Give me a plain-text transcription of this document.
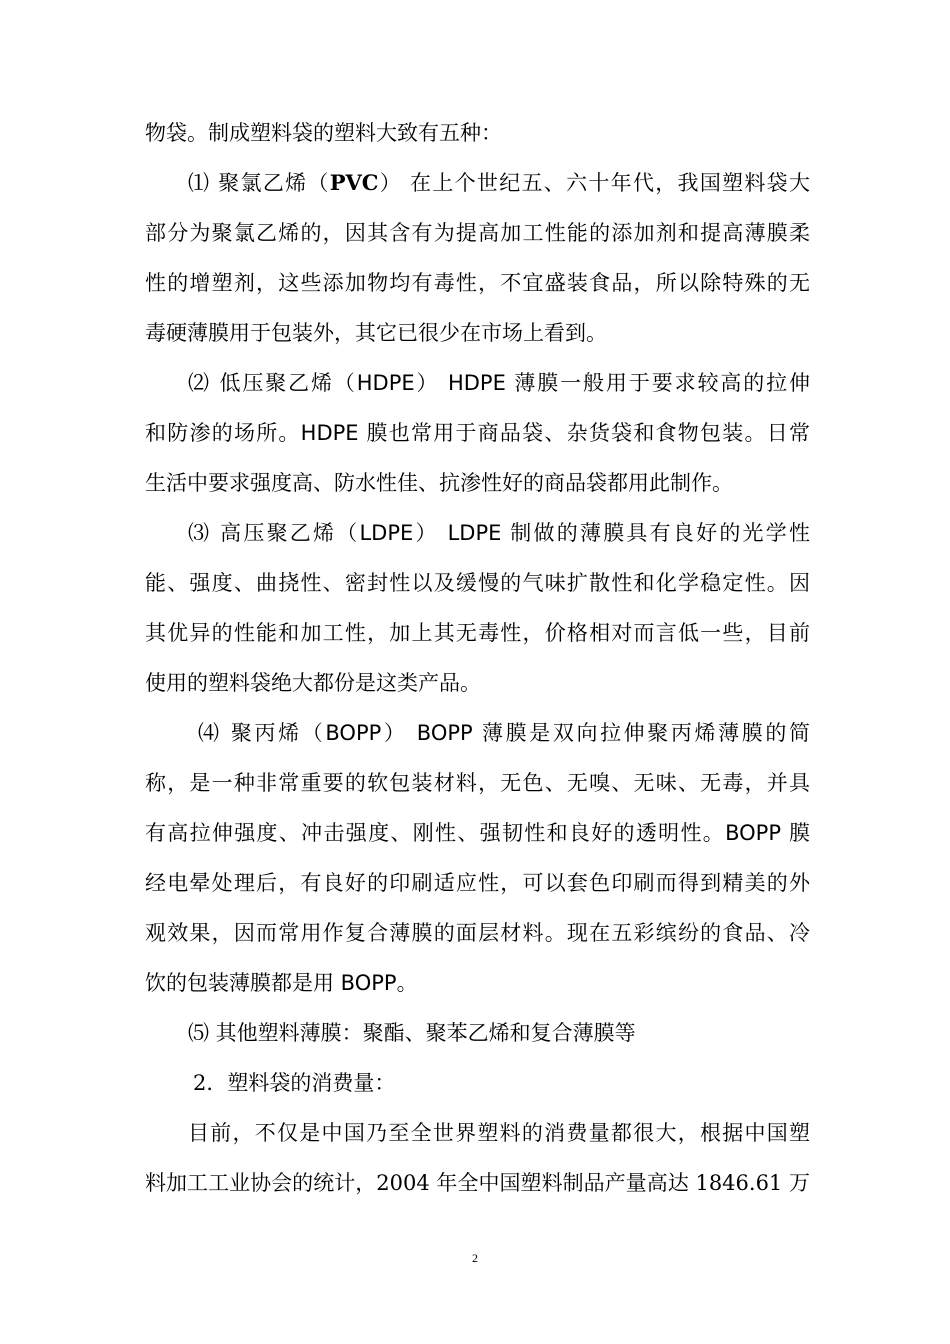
物袋。制成塑料袋的塑料大致有五种：
⑴ 聚氯乙烯（PVC） 在上个世纪五、六十年代，我国塑料袋大
部分为聚氯乙烯的，因其含有为提高加工性能的添加剂和提高薄膜柔
性的增塑剂，这些添加物均有毒性，不宜盛装食品，所以除特殊的无
毒硬薄膜用于包装外，其它已很少在市场上看到。
⑵ 低压聚乙烯（HDPE） HDPE 薄膜一般用于要求较高的拉伸
和防渗的场所。HDPE 膜也常用于商品袋、杂货袋和食物包装。日常
生活中要求强度高、防水性佳、抗渗性好的商品袋都用此制作。
⑶ 高压聚乙烯（LDPE） LDPE 制做的薄膜具有良好的光学性
能、强度、曲挠性、密封性以及缓慢的气味扩散性和化学稳定性。因
其优异的性能和加工性，加上其无毒性，价格相对而言低一些，目前
使用的塑料袋绝大都份是这类产品。
⑷ 聚丙烯（BOPP） BOPP 薄膜是双向拉伸聚丙烯薄膜的简
称，是一种非常重要的软包装材料，无色、无嗅、无味、无毒，并具
有高拉伸强度、冲击强度、刚性、强韧性和良好的透明性。BOPP 膜
经电晕处理后，有良好的印刷适应性，可以套色印刷而得到精美的外
观效果，因而常用作复合薄膜的面层材料。现在五彩缤纷的食品、冷
饮的包装薄膜都是用 BOPP。
⑸ 其他塑料薄膜：聚酯、聚苯乙烯和复合薄膜等
2．塑料袋的消费量：
目前，不仅是中国乃至全世界塑料的消费量都很大，根据中国塑
料加工工业协会的统计，2004 年全中国塑料制品产量高达 1846.61 万
2
